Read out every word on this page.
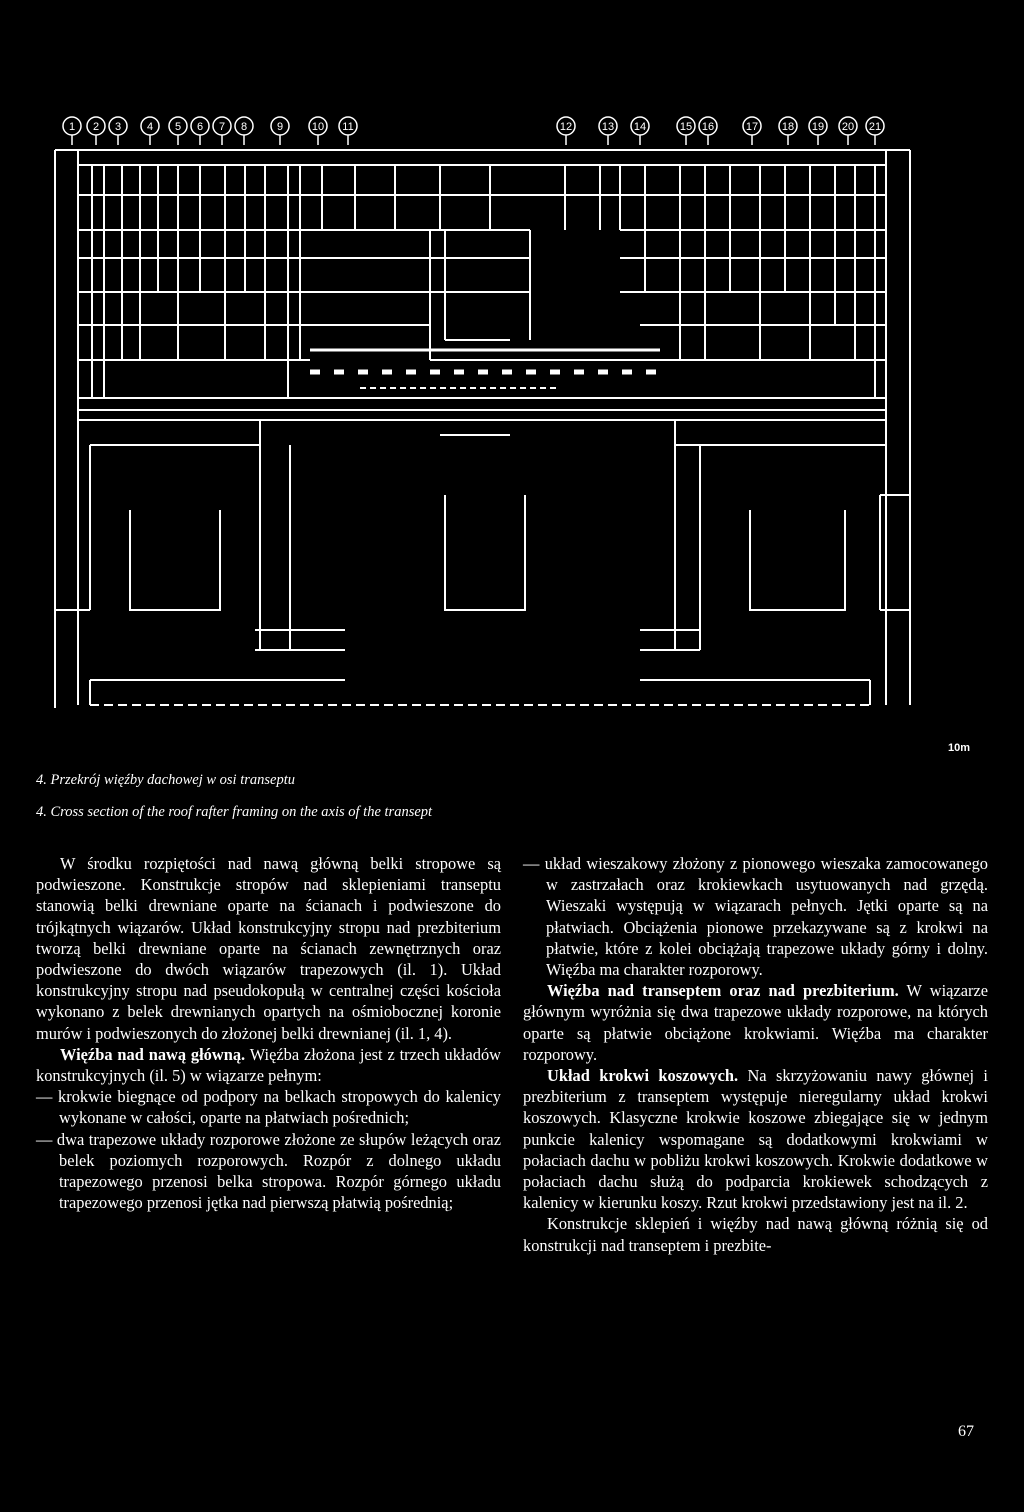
1 2 3 4 5 6 7 8	9	10 11	12	13 14	15 16	17 18 19 20 21
10m
4. Przekrój więźby dachowej w osi transeptu
4. Cross section of the roof rafter framing on the axis of the transept

W środku rozpiętości nad nawą główną belki stropowe są podwieszone. Konstrukcje stropów nad sklepieniami transeptu stanowią belki drewniane oparte na ścianach i podwieszone do trójkątnych wiązarów. Układ konstrukcyjny stropu nad prezbiterium tworzą belki drewniane oparte na ścianach zewnętrznych oraz podwieszone do dwóch wiązarów trapezowych (il. 1). Układ konstrukcyjny stropu nad pseudokopułą w centralnej części kościoła wykonano z belek drewnianych opartych na ośmiobocznej koronie murów i podwieszonych do złożonej belki drewnianej (il. 1, 4).

Więźba nad nawą główną. Więźba złożona jest z trzech układów konstrukcyjnych (il. 5) w wiązarze pełnym:

— krokwie biegnące od podpory na belkach stropowych do kalenicy wykonane w całości, oparte na płatwiach pośrednich;

— dwa trapezowe układy rozporowe złożone ze słupów leżących oraz belek poziomych rozporowych. Rozpór z dolnego układu trapezowego przenosi belka stropowa. Rozpór górnego układu trapezowego przenosi jętka nad pierwszą płatwią pośrednią;

— układ wieszakowy złożony z pionowego wieszaka zamocowanego w zastrzałach oraz krokiewkach usytuowanych nad grzędą. Wieszaki występują w wiązarach pełnych. Jętki oparte są na płatwiach. Obciążenia pionowe przekazywane są z krokwi na płatwie, które z kolei obciążają trapezowe układy górny i dolny. Więźba ma charakter rozporowy.

Więźba nad transeptem oraz nad prezbiterium. W wiązarze głównym wyróżnia się dwa trapezowe układy rozporowe, na których oparte są płatwie obciążone krokwiami. Więźba ma charakter rozporowy.

Układ krokwi koszowych. Na skrzyżowaniu nawy głównej i prezbiterium z transeptem występuje nieregularny układ krokwi koszowych. Klasyczne krokwie koszowe zbiegające się w jednym punkcie kalenicy wspomagane są dodatkowymi krokwiami w połaciach dachu w pobliżu krokwi koszowych. Krokwie dodatkowe w połaciach dachu służą do podparcia krokiewek schodzących z kalenicy w kierunku koszy. Rzut krokwi przedstawiony jest na il. 2.

Konstrukcje sklepień i więźby nad nawą główną różnią się od konstrukcji nad transeptem i prezbite-

67
